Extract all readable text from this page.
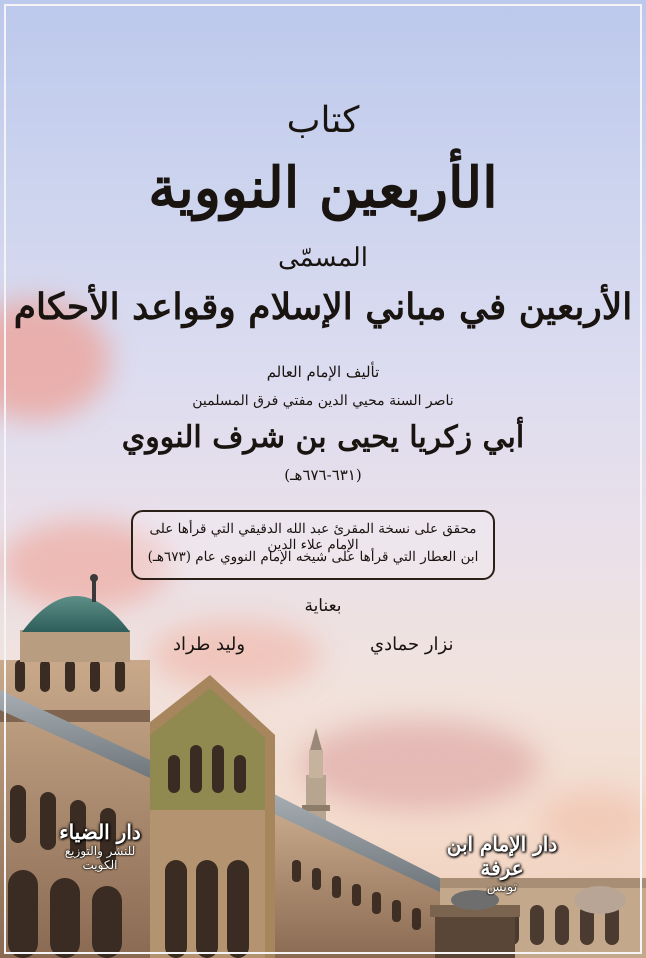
كتاب
الأربعين النووية
المسمّى
الأربعين في مباني الإسلام وقواعد الأحكام
تأليف الإمام العالم
ناصر السنة محيي الدين مفتي فرق المسلمين
أبي زكريا يحيى بن شرف النووي
(٦٣١-٦٧٦هـ)
محقق على نسخة المقرئ عبد الله الدقيقي التي قرأها على الإمام علاء الدين
ابن العطار التي قرأها على شيخه الإمام النووي عام (٦٧٣هـ)
بعناية
نزار حمادي
وليد طراد
دار الضياء
للنشر والتوزيع
الكويت
دار الإمام ابن عرفة
تونس
